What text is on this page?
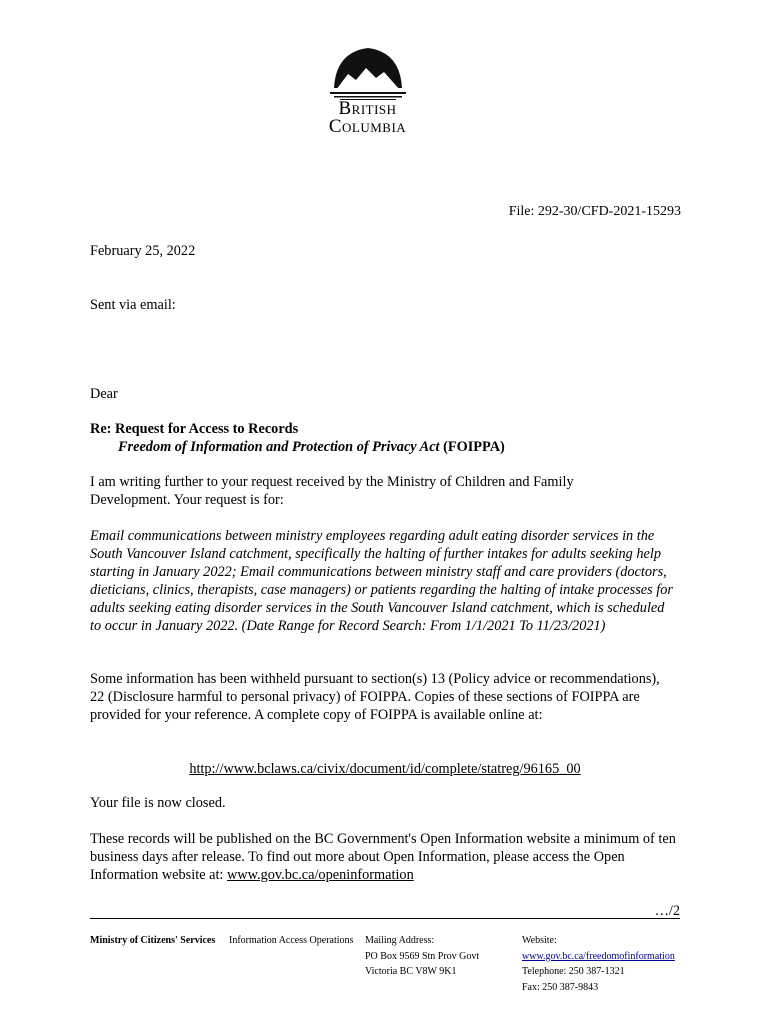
British
Columbia
File: 292-30/CFD-2021-15293
February 25, 2022
Sent via email:
Dear
Re: Request for Access to Records
Freedom of Information and Protection of Privacy Act (FOIPPA)
I am writing further to your request received by the Ministry of Children and Family Development. Your request is for:
Email communications between ministry employees regarding adult eating disorder services in the South Vancouver Island catchment, specifically the halting of further intakes for adults seeking help starting in January 2022; Email communications between ministry staff and care providers (doctors, dieticians, clinics, therapists, case managers) or patients regarding the halting of intake processes for adults seeking eating disorder services in the South Vancouver Island catchment, which is scheduled to occur in January 2022. (Date Range for Record Search: From 1/1/2021 To 11/23/2021)
Some information has been withheld pursuant to section(s) 13 (Policy advice or recommendations), 22 (Disclosure harmful to personal privacy) of FOIPPA. Copies of these sections of FOIPPA are provided for your reference. A complete copy of FOIPPA is available online at:
http://www.bclaws.ca/civix/document/id/complete/statreg/96165_00
Your file is now closed.
These records will be published on the BC Government's Open Information website a minimum of ten business days after release. To find out more about Open Information, please access the Open Information website at: www.gov.bc.ca/openinformation
…/2
Ministry of Citizens' Services	Information Access Operations	Mailing Address:
PO Box 9569 Stn Prov Govt
Victoria BC V8W 9K1
Website:
www.gov.bc.ca/freedomofinformation
Telephone: 250 387-1321
Fax: 250 387-9843
